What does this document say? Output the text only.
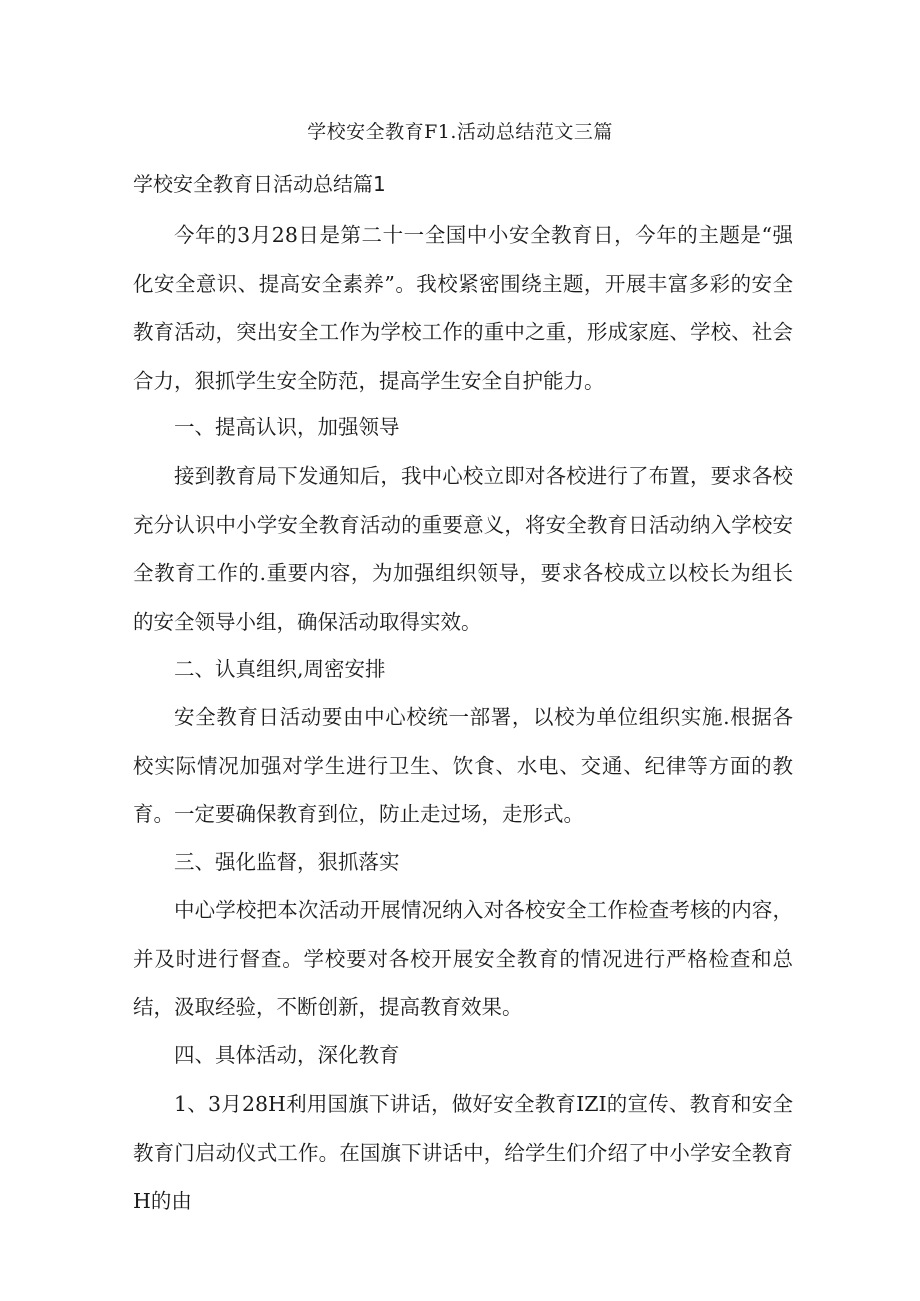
学校安全教育F1.活动总结范文三篇
学校安全教育日活动总结篇1

今年的3月28日是第二十一全国中小安全教育日，今年的主题是“强化安全意识、提高安全素养”。我校紧密围绕主题，开展丰富多彩的安全教育活动，突出安全工作为学校工作的重中之重，形成家庭、学校、社会合力，狠抓学生安全防范，提高学生安全自护能力。

一、提高认识，加强领导

接到教育局下发通知后，我中心校立即对各校进行了布置，要求各校充分认识中小学安全教育活动的重要意义，将安全教育日活动纳入学校安全教育工作的.重要内容，为加强组织领导，要求各校成立以校长为组长的安全领导小组，确保活动取得实效。

二、认真组织,周密安排

安全教育日活动要由中心校统一部署，以校为单位组织实施.根据各校实际情况加强对学生进行卫生、饮食、水电、交通、纪律等方面的教育。一定要确保教育到位，防止走过场，走形式。

三、强化监督，狠抓落实

中心学校把本次活动开展情况纳入对各校安全工作检查考核的内容，并及时进行督查。学校要对各校开展安全教育的情况进行严格检查和总结，汲取经验，不断创新，提高教育效果。

四、具体活动，深化教育

1、3月28H利用国旗下讲话，做好安全教育IZI的宣传、教育和安全教育门启动仪式工作。在国旗下讲话中，给学生们介绍了中小学安全教育H的由
